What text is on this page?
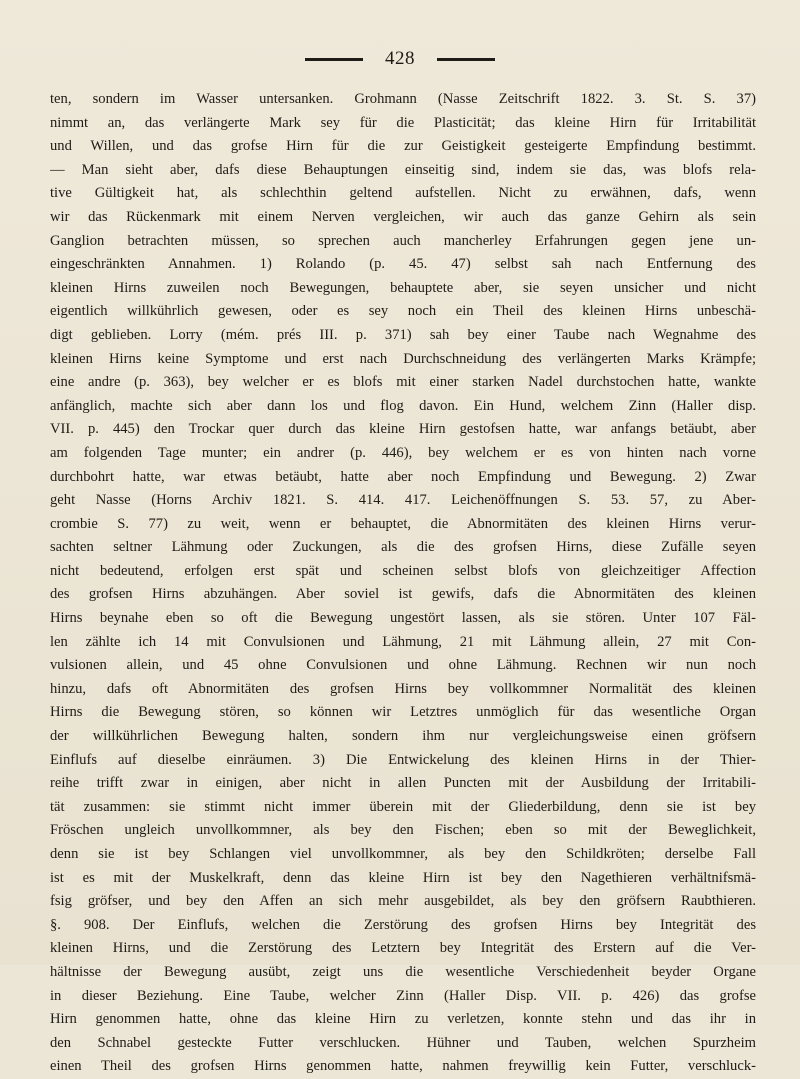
428
ten, sondern im Wasser untersanken. Grohmann (Nasse Zeitschrift 1822. 3. St. S. 37)
nimmt an, das verlängerte Mark sey für die Plasticität; das kleine Hirn für Irritabilität
und Willen, und das grofse Hirn für die zur Geistigkeit gesteigerte Empfindung bestimmt.
— Man sieht aber, dafs diese Behauptungen einseitig sind, indem sie das, was blofs rela-
tive Gültigkeit hat, als schlechthin geltend aufstellen. Nicht zu erwähnen, dafs, wenn
wir das Rückenmark mit einem Nerven vergleichen, wir auch das ganze Gehirn als sein
Ganglion betrachten müssen, so sprechen auch mancherley Erfahrungen gegen jene un-
eingeschränkten Annahmen. 1) Rolando (p. 45. 47) selbst sah nach Entfernung des
kleinen Hirns zuweilen noch Bewegungen, behauptete aber, sie seyen unsicher und nicht
eigentlich willkührlich gewesen, oder es sey noch ein Theil des kleinen Hirns unbeschä-
digt geblieben. Lorry (mém. prés III. p. 371) sah bey einer Taube nach Wegnahme des
kleinen Hirns keine Symptome und erst nach Durchschneidung des verlängerten Marks Krämpfe;
eine andre (p. 363), bey welcher er es blofs mit einer starken Nadel durchstochen hatte, wankte
anfänglich, machte sich aber dann los und flog davon. Ein Hund, welchem Zinn (Haller disp.
VII. p. 445) den Trockar quer durch das kleine Hirn gestofsen hatte, war anfangs betäubt, aber
am folgenden Tage munter; ein andrer (p. 446), bey welchem er es von hinten nach vorne
durchbohrt hatte, war etwas betäubt, hatte aber noch Empfindung und Bewegung. 2) Zwar
geht Nasse (Horns Archiv 1821. S. 414. 417. Leichenöffnungen S. 53. 57, zu Aber-
crombie S. 77) zu weit, wenn er behauptet, die Abnormitäten des kleinen Hirns verur-
sachten seltner Lähmung oder Zuckungen, als die des grofsen Hirns, diese Zufälle seyen
nicht bedeutend, erfolgen erst spät und scheinen selbst blofs von gleichzeitiger Affection
des grofsen Hirns abzuhängen. Aber soviel ist gewifs, dafs die Abnormitäten des kleinen
Hirns beynahe eben so oft die Bewegung ungestört lassen, als sie stören. Unter 107 Fäl-
len zählte ich 14 mit Convulsionen und Lähmung, 21 mit Lähmung allein, 27 mit Con-
vulsionen allein, und 45 ohne Convulsionen und ohne Lähmung. Rechnen wir nun noch
hinzu, dafs oft Abnormitäten des grofsen Hirns bey vollkommner Normalität des kleinen
Hirns die Bewegung stören, so können wir Letztres unmöglich für das wesentliche Organ
der willkührlichen Bewegung halten, sondern ihm nur vergleichungsweise einen gröfsern
Einflufs auf dieselbe einräumen. 3) Die Entwickelung des kleinen Hirns in der Thier-
reihe trifft zwar in einigen, aber nicht in allen Puncten mit der Ausbildung der Irritabili-
tät zusammen: sie stimmt nicht immer überein mit der Gliederbildung, denn sie ist bey
Fröschen ungleich unvollkommner, als bey den Fischen; eben so mit der Beweglichkeit,
denn sie ist bey Schlangen viel unvollkommner, als bey den Schildkröten; derselbe Fall
ist es mit der Muskelkraft, denn das kleine Hirn ist bey den Nagethieren verhältnifsmä-
fsig gröfser, und bey den Affen an sich mehr ausgebildet, als bey den gröfsern Raubthieren.
§. 908. Der Einflufs, welchen die Zerstörung des grofsen Hirns bey Integrität des
kleinen Hirns, und die Zerstörung des Letztern bey Integrität des Erstern auf die Ver-
hältnisse der Bewegung ausübt, zeigt uns die wesentliche Verschiedenheit beyder Organe
in dieser Beziehung. Eine Taube, welcher Zinn (Haller Disp. VII. p. 426) das grofse
Hirn genommen hatte, ohne das kleine Hirn zu verletzen, konnte stehn und das ihr in
den Schnabel gesteckte Futter verschlucken. Hühner und Tauben, welchen Spurzheim
einen Theil des grofsen Hirns genommen hatte, nahmen freywillig kein Futter, verschluck-
